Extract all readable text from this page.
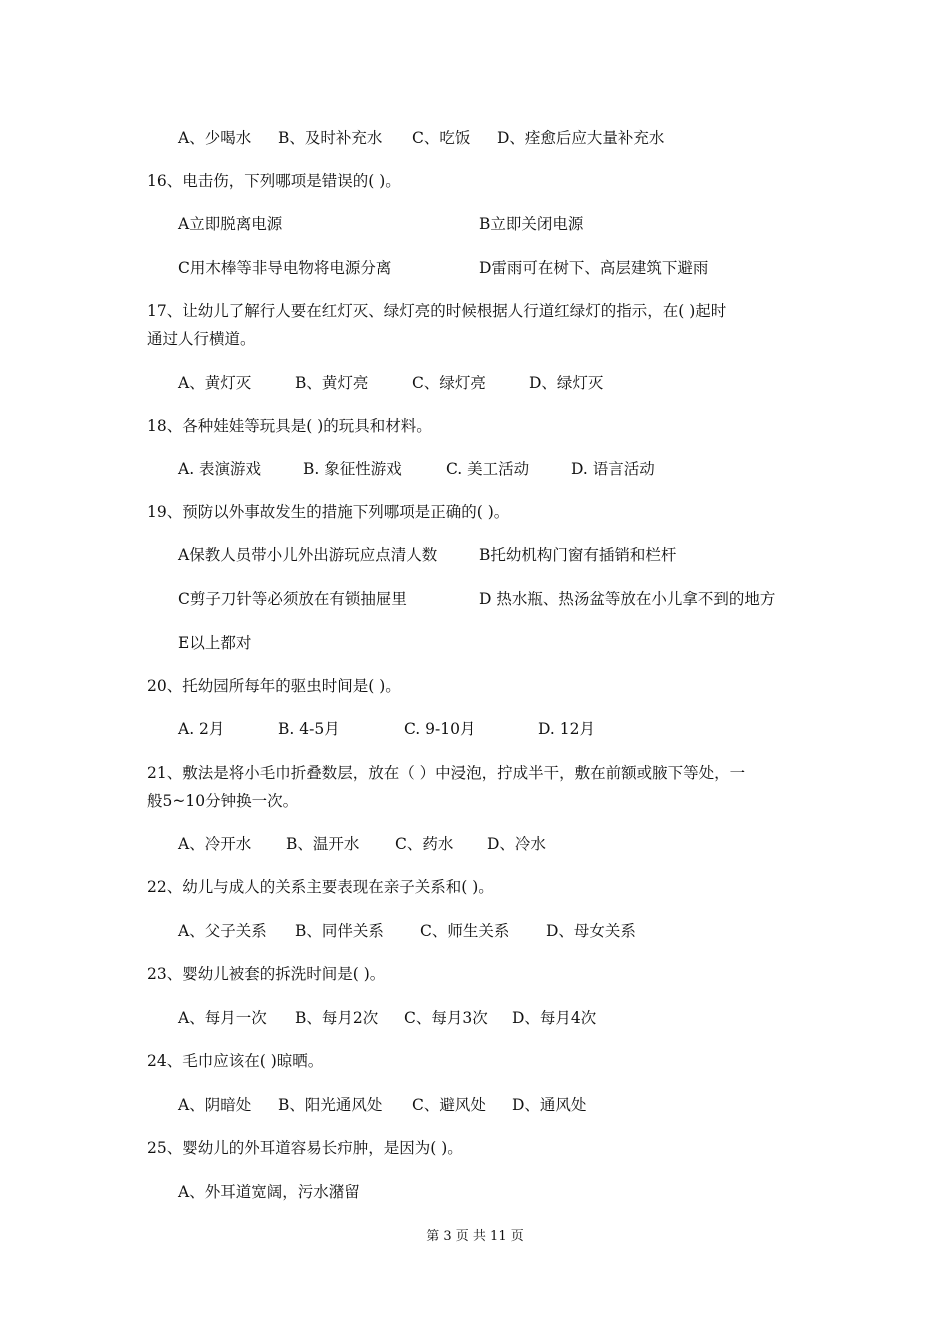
A、少喝水 B、及时补充水 C、吃饭 D、痊愈后应大量补充水
16、电击伤，下列哪项是错误的( )。
A立即脱离电源	B立即关闭电源
C用木棒等非导电物将电源分离	D雷雨可在树下、高层建筑下避雨
17、让幼儿了解行人要在红灯灭、绿灯亮的时候根据人行道红绿灯的指示，在( )起时
通过人行横道。
A、黄灯灭	B、黄灯亮	C、绿灯亮	D、绿灯灭
18、各种娃娃等玩具是( )的玩具和材料。
A. 表演游戏	B. 象征性游戏	C. 美工活动	D. 语言活动
19、预防以外事故发生的措施下列哪项是正确的( )。
A保教人员带小儿外出游玩应点清人数	B托幼机构门窗有插销和栏杆
C剪子刀针等必须放在有锁抽屉里	D 热水瓶、热汤盆等放在小儿拿不到的地方
E以上都对
20、托幼园所每年的驱虫时间是( )。
A. 2月	B. 4-5月	C. 9-10月	D. 12月
21、敷法是将小毛巾折叠数层，放在（ ）中浸泡，拧成半干，敷在前额或腋下等处，一
般5~10分钟换一次。
A、冷开水 B、温开水 C、药水 D、冷水
22、幼儿与成人的关系主要表现在亲子关系和( )。
A、父子关系 B、同伴关系 C、师生关系 D、母女关系
23、婴幼儿被套的拆洗时间是( )。
A、每月一次 B、每月2次 C、每月3次 D、每月4次
24、毛巾应该在( )晾晒。
A、阴暗处 B、阳光通风处 C、避风处 D、通风处
25、婴幼儿的外耳道容易长疖肿，是因为( )。
A、外耳道宽阔，污水潴留
第 3 页 共 11 页
